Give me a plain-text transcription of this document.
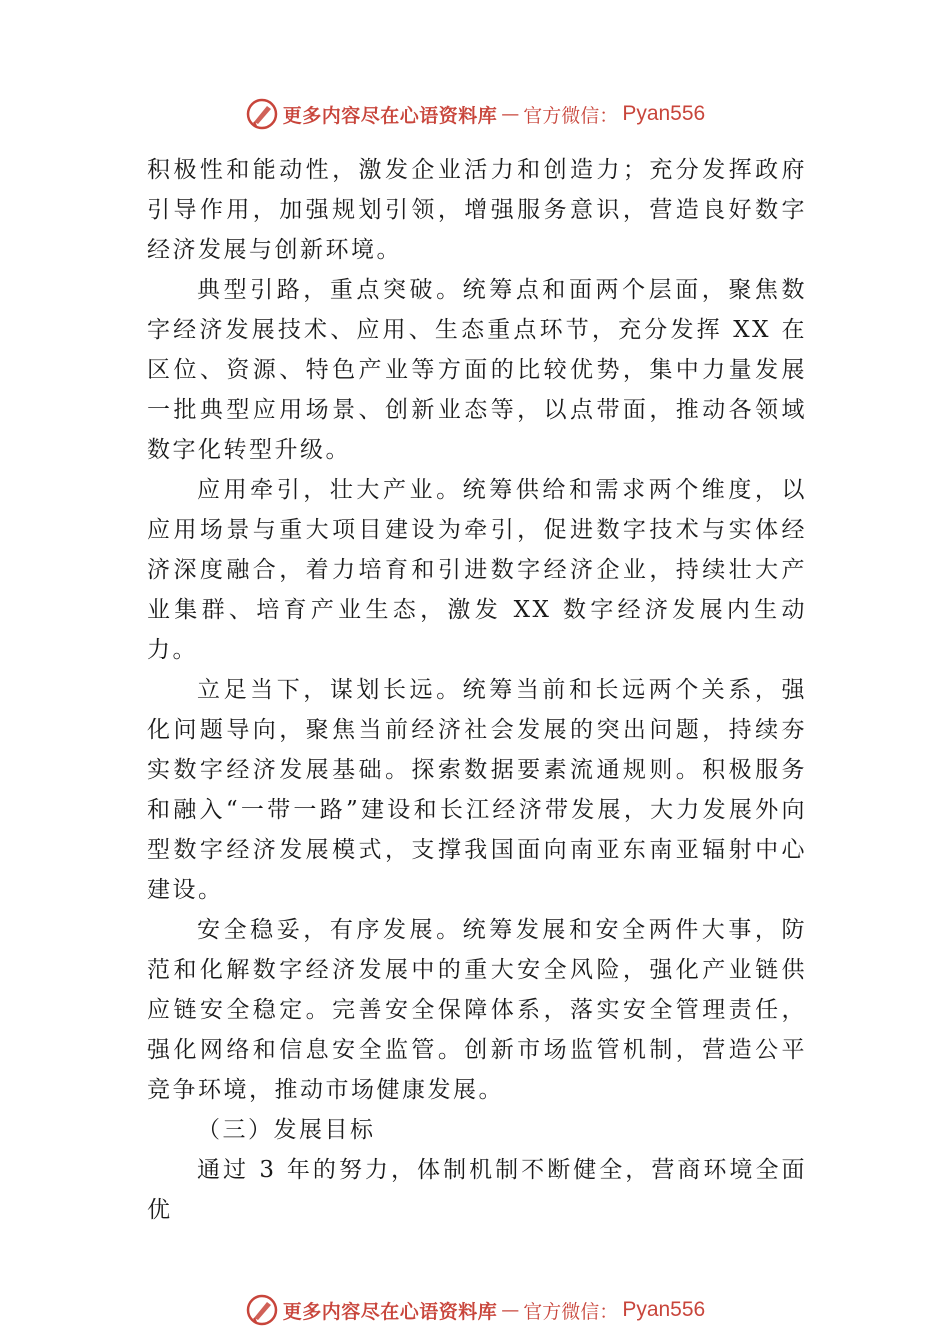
更多内容尽在心语资料库 — 官方微信： Pyan556

积极性和能动性，激发企业活力和创造力；充分发挥政府引导作用，加强规划引领，增强服务意识，营造良好数字经济发展与创新环境。

典型引路，重点突破。统筹点和面两个层面，聚焦数字经济发展技术、应用、生态重点环节，充分发挥 XX 在区位、资源、特色产业等方面的比较优势，集中力量发展一批典型应用场景、创新业态等，以点带面，推动各领域数字化转型升级。

应用牵引，壮大产业。统筹供给和需求两个维度，以应用场景与重大项目建设为牵引，促进数字技术与实体经济深度融合，着力培育和引进数字经济企业，持续壮大产业集群、培育产业生态，激发 XX 数字经济发展内生动力。

立足当下，谋划长远。统筹当前和长远两个关系，强化问题导向，聚焦当前经济社会发展的突出问题，持续夯实数字经济发展基础。探索数据要素流通规则。积极服务和融入“一带一路”建设和长江经济带发展，大力发展外向型数字经济发展模式，支撑我国面向南亚东南亚辐射中心建设。

安全稳妥，有序发展。统筹发展和安全两件大事，防范和化解数字经济发展中的重大安全风险，强化产业链供应链安全稳定。完善安全保障体系，落实安全管理责任，强化网络和信息安全监管。创新市场监管机制，营造公平竞争环境，推动市场健康发展。

（三）发展目标

通过 3 年的努力，体制机制不断健全，营商环境全面优

更多内容尽在心语资料库 — 官方微信： Pyan556
